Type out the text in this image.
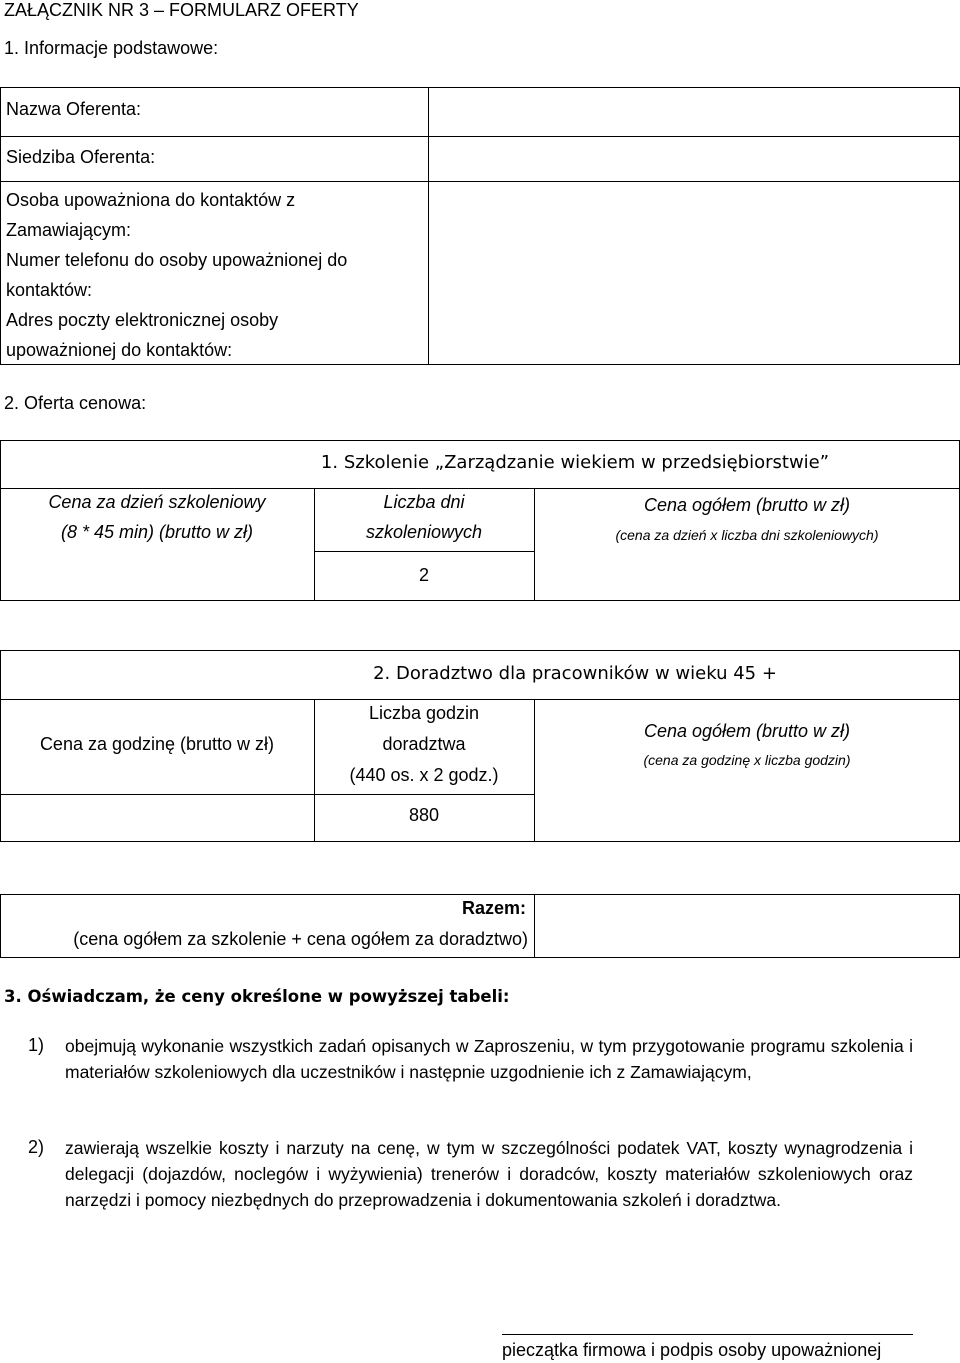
ZAŁĄCZNIK NR 3 – FORMULARZ OFERTY
1. Informacje podstawowe:
Nazwa Oferenta:
Siedziba Oferenta:
Osoba upoważniona do kontaktów z Zamawiającym:
Numer telefonu do osoby upoważnionej do kontaktów:
Adres poczty elektronicznej osoby upoważnionej do kontaktów:
2. Oferta cenowa:
1. Szkolenie „Zarządzanie wiekiem w przedsiębiorstwie”
Cena za dzień szkoleniowy
(8 * 45 min) (brutto w zł)
Liczba dni
szkoleniowych
Cena ogółem (brutto w zł)
(cena za dzień x liczba dni szkoleniowych)
2
2. Doradztwo dla pracowników w wieku 45 +
Cena za godzinę (brutto w zł)
Liczba godzin
doradztwa
(440 os. x 2 godz.)
Cena ogółem (brutto w zł)
(cena za godzinę x liczba godzin)
880
Razem:
(cena ogółem za szkolenie + cena ogółem za doradztwo)
3. Oświadczam, że ceny określone w powyższej tabeli:
1) obejmują wykonanie wszystkich zadań opisanych w Zaproszeniu, w tym przygotowanie programu szkolenia i materiałów szkoleniowych dla uczestników i następnie uzgodnienie ich z Zamawiającym,
2) zawierają wszelkie koszty i narzuty na cenę, w tym w szczególności podatek VAT, koszty wynagrodzenia i delegacji (dojazdów, noclegów i wyżywienia) trenerów i doradców, koszty materiałów szkoleniowych oraz narzędzi i pomocy niezbędnych do przeprowadzenia i dokumentowania szkoleń i doradztwa.
pieczątka firmowa i podpis osoby upoważnionej
